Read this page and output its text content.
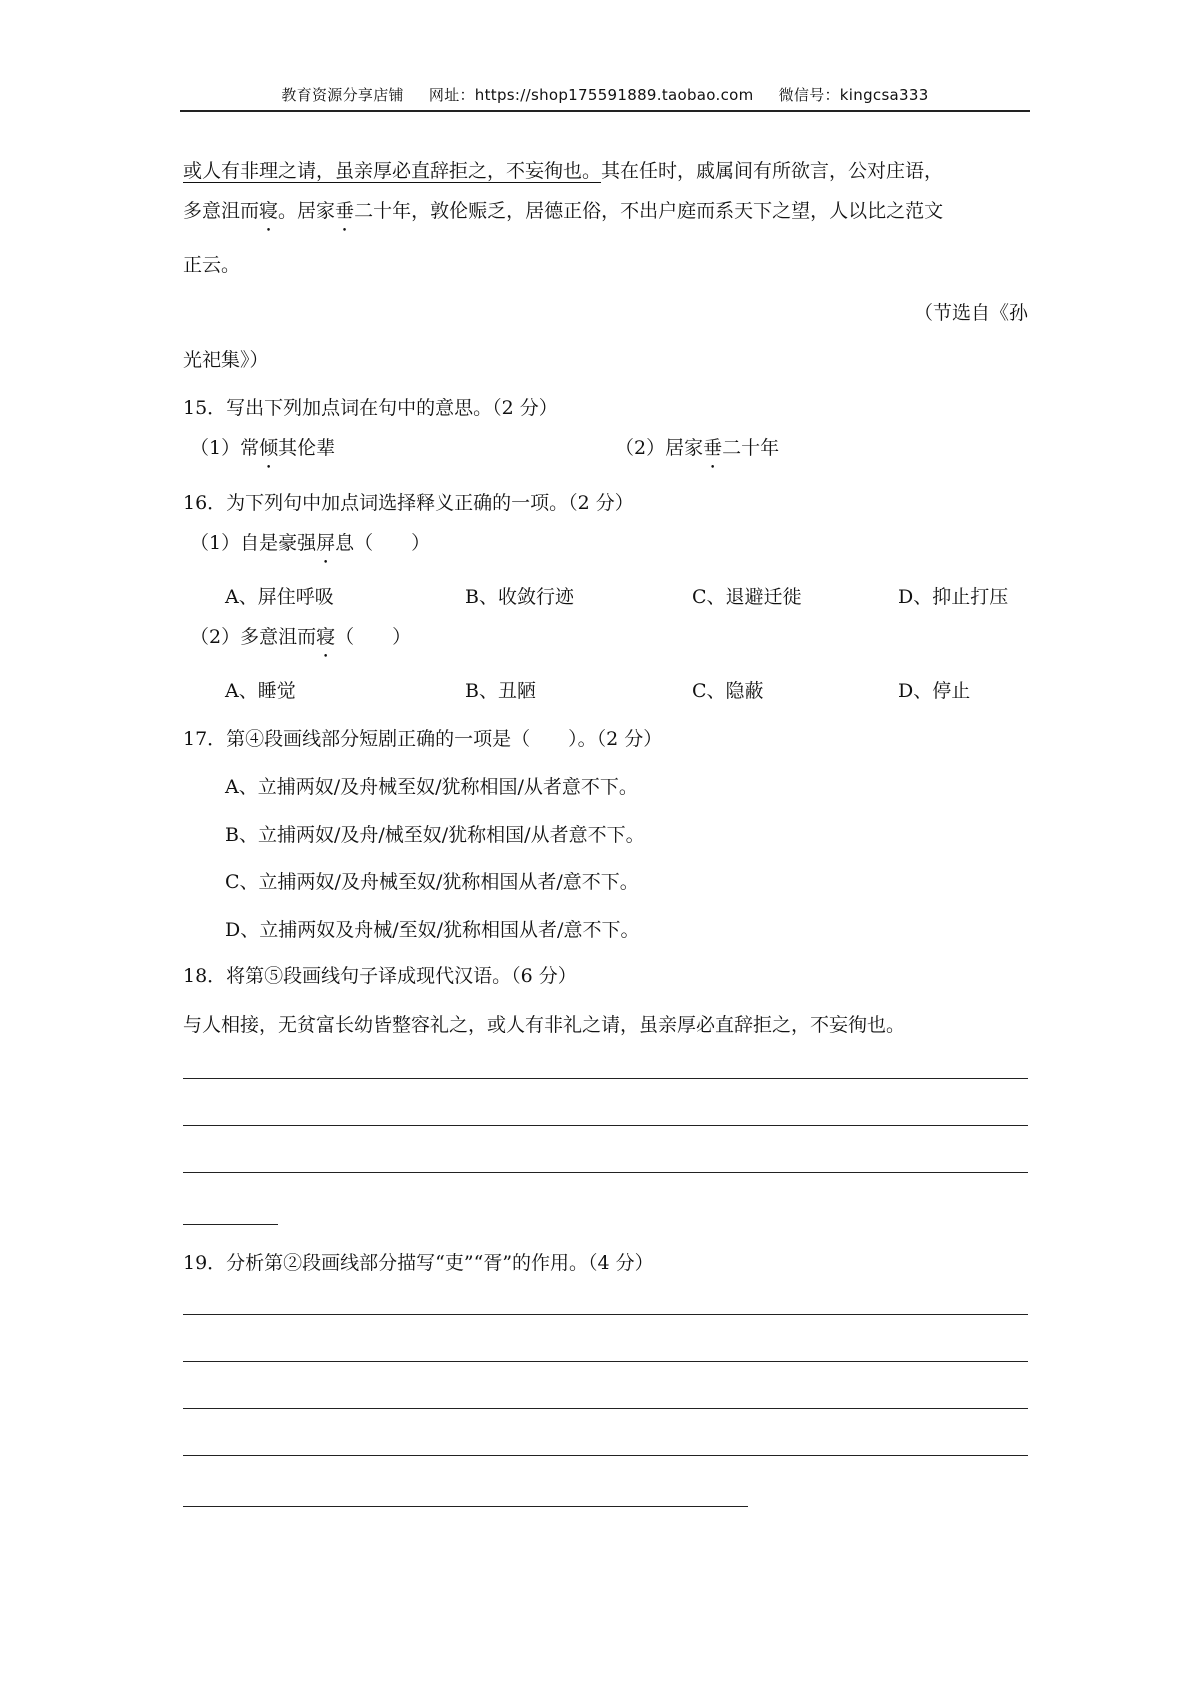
教育资源分享店铺 网址：https://shop175591889.taobao.com 微信号：kingcsa333
或人有非理之请，虽亲厚必直辞拒之，不妄徇也。其在任时，戚属间有所欲言，公对庄语，
多意沮而寝。居家垂二十年，敦伦赈乏，居德正俗，不出户庭而系天下之望，人以比之范文
正云。
（节选自《孙
光祀集》）
15．写出下列加点词在句中的意思。（2 分）
（1）常倾其伦辈	（2）居家垂二十年
16．为下列句中加点词选择释义正确的一项。（2 分）
（1）自是豪强屏息（　　）
A、屏住呼吸	B、收敛行迹	C、退避迁徙	D、抑止打压
（2）多意沮而寝（　　）
A、睡觉	B、丑陋	C、隐蔽	D、停止
17．第④段画线部分短剧正确的一项是（　　）。（2 分）
A、立捕两奴/及舟械至奴/犹称相国/从者意不下。
B、立捕两奴/及舟/械至奴/犹称相国/从者意不下。
C、立捕两奴/及舟械至奴/犹称相国从者/意不下。
D、立捕两奴及舟械/至奴/犹称相国从者/意不下。
18．将第⑤段画线句子译成现代汉语。（6 分）
与人相接，无贫富长幼皆整容礼之，或人有非礼之请，虽亲厚必直辞拒之，不妄徇也。
19．分析第②段画线部分描写“吏”“胥”的作用。（4 分）
